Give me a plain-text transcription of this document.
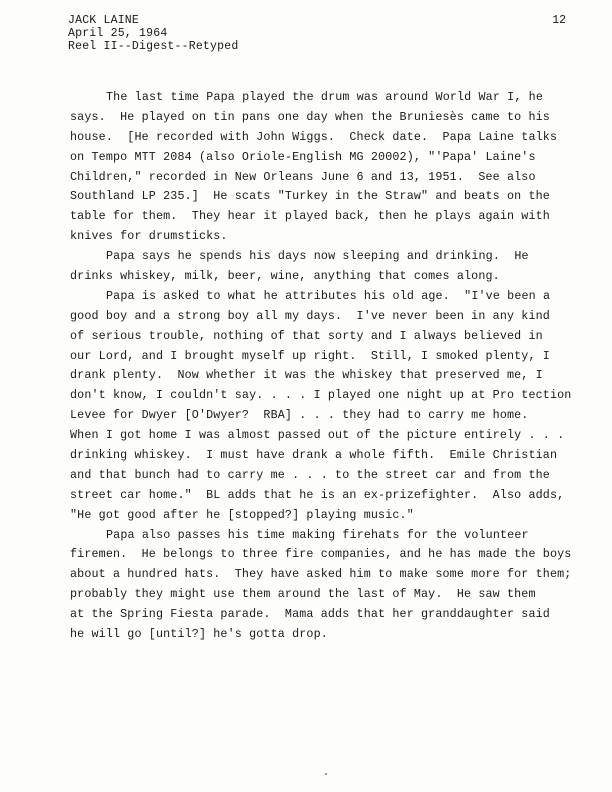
JACK LAINE
April 25, 1964
Reel II--Digest--Retyped
12
The last time Papa played the drum was around World War I, he
says.  He played on tin pans one day when the Bruniesès came to his
house.  [He recorded with John Wiggs.  Check date.  Papa Laine talks
on Tempo MTT 2084 (also Oriole-English MG 20002), "'Papa' Laine's
Children," recorded in New Orleans June 6 and 13, 1951.  See also
Southland LP 235.]  He scats "Turkey in the Straw" and beats on the
table for them.  They hear it played back, then he plays again with
knives for drumsticks.
Papa says he spends his days now sleeping and drinking.  He
drinks whiskey, milk, beer, wine, anything that comes along.
Papa is asked to what he attributes his old age.  "I've been a
good boy and a strong boy all my days.  I've never been in any kind
of serious trouble, nothing of that sorty and I always believed in
our Lord, and I brought myself up right.  Still, I smoked plenty, I
drank plenty.  Now whether it was the whiskey that preserved me, I
don't know, I couldn't say. . . . I played one night up at Pro tection
Levee for Dwyer [O'Dwyer?  RBA] . . . they had to carry me home.
When I got home I was almost passed out of the picture entirely . . .
drinking whiskey.  I must have drank a whole fifth.  Emile Christian
and that bunch had to carry me . . . to the street car and from the
street car home."  BL adds that he is an ex-prizefighter.  Also adds,
"He got good after he [stopped?] playing music."
Papa also passes his time making firehats for the volunteer
firemen.  He belongs to three fire companies, and he has made the boys
about a hundred hats.  They have asked him to make some more for them;
probably they might use them around the last of May.  He saw them
at the Spring Fiesta parade.  Mama adds that her granddaughter said
he will go [until?] he's gotta drop.
